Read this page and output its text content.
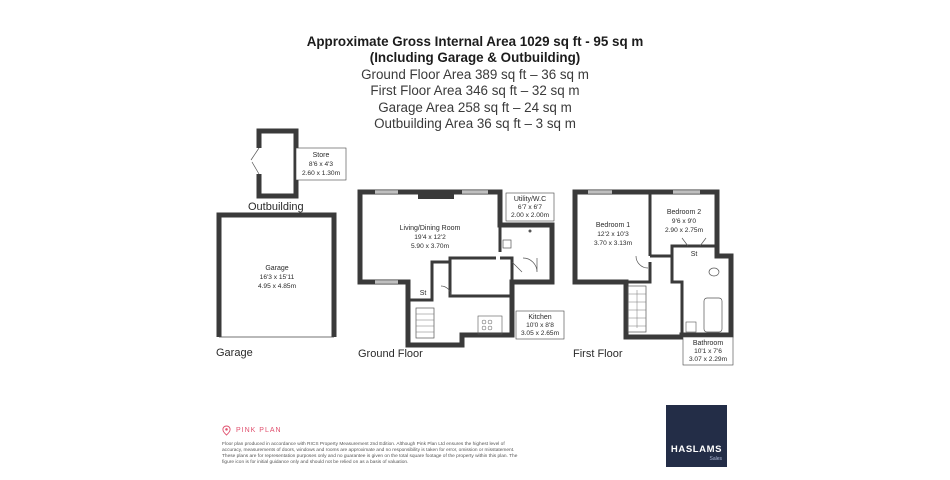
Approximate Gross Internal Area 1029 sq ft - 95 sq m
(Including Garage & Outbuilding)
Ground Floor Area 389 sq ft – 36 sq m
First Floor Area 346 sq ft – 32 sq m
Garage Area 258 sq ft – 24 sq m
Outbuilding Area 36 sq ft – 3 sq m
Store
8'6 x 4'3
2.60 x 1.30m
Outbuilding
Garage
16'3 x 15'11
4.95 x 4.85m
Garage
Utility/W.C
6'7 x 6'7
2.00 x 2.00m
Living/Dining Room
19'4 x 12'2
5.90 x 3.70m
St
Kitchen
10'0 x 8'8
3.05 x 2.65m
Ground Floor
Bedroom 1
12'2 x 10'3
3.70 x 3.13m
Bedroom 2
9'6 x 9'0
2.90 x 2.75m
St
Bathroom
10'1 x 7'6
3.07 x 2.29m
First Floor
PINK PLAN
Floor plan produced in accordance with RICS Property Measurement 2nd Edition. Although Pink Plan Ltd ensures the highest level of accuracy, measurements of doors, windows and rooms are approximate and no responsibility is taken for error, omission or misstatement. These plans are for representation purposes only and no guarantee is given on the total square footage of the property within this plan. The figure icon is for initial guidance only and should not be relied on as a basis of valuation.
HASLAMS
Sales
